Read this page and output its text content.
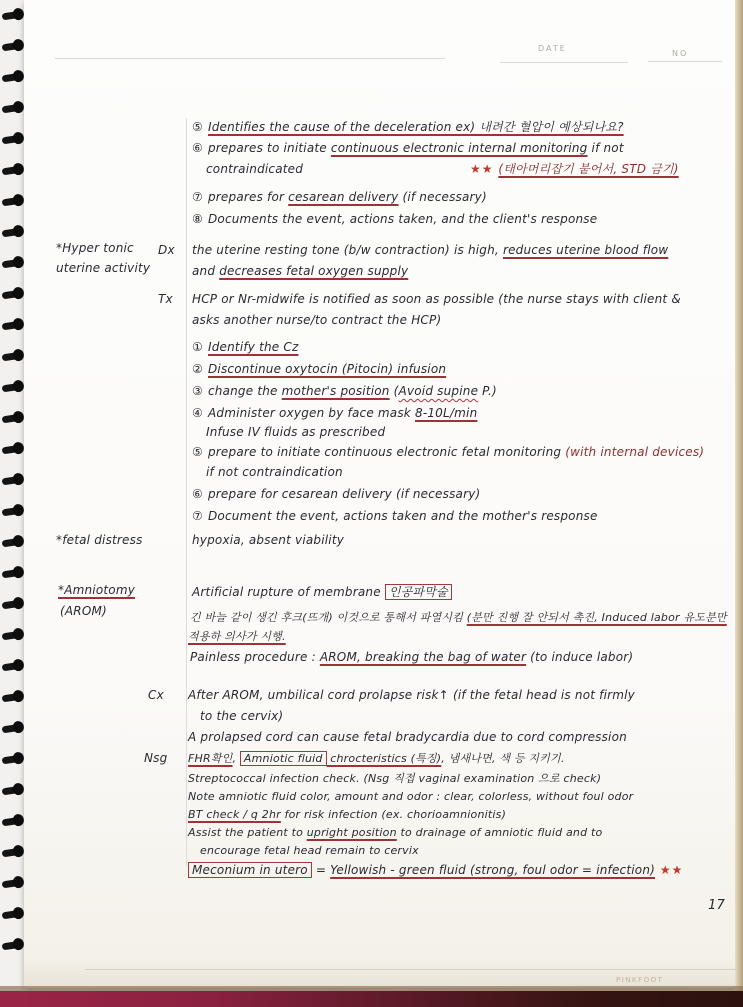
DATE
NO
⑤ Identifies the cause of the deceleration ex) 내려간 혈압이 예상되나요?
⑥ prepares to initiate continuous electronic internal monitoring if not
contraindicated	★★ (태아머리잡기 붙어서, STD 금기)
⑦ prepares for cesarean delivery (if necessary)
⑧ Documents the event, actions taken, and the client's response
*Hyper tonic
uterine activity
Dx the uterine resting tone (b/w contraction) is high, reduces uterine blood flow
and decreases fetal oxygen supply
Tx HCP or Nr-midwife is notified as soon as possible (the nurse stays with client &
asks another nurse/to contract the HCP)
① Identify the Cz
② Discontinue oxytocin (Pitocin) infusion
③ change the mother's position (Avoid supine P.)
④ Administer oxygen by face mask 8-10L/min
Infuse IV fluids as prescribed
⑤ prepare to initiate continuous electronic fetal monitoring (with internal devices)
if not contraindication
⑥ prepare for cesarean delivery (if necessary)
⑦ Document the event, actions taken and the mother's response
*fetal distress	hypoxia, absent viability
*Amniotomy
(AROM)
Artificial rupture of membrane 인공파막술
긴 바늘 같이 생긴 후크(뜨개) 이것으로 통해서 파열시킴 (분만 진행 잘 안되서 촉진, Induced labor 유도분만
적용하 의사가 시행.
Painless procedure : AROM, breaking the bag of water (to induce labor)
Cx After AROM, umbilical cord prolapse risk↑ (if the fetal head is not firmly
to the cervix)
A prolapsed cord can cause fetal bradycardia due to cord compression
Nsg FHR확인, Amniotic fluid chrocteristics (특징), 냄새나면, 색 등 지키기.
Streptococcal infection check. (Nsg 직접 vaginal examination 으로 check)
Note amniotic fluid color, amount and odor : clear, colorless, without foul odor
BT check / q 2hr for risk infection (ex. chorioamnionitis)
Assist the patient to upright position to drainage of amniotic fluid and to
encourage fetal head remain to cervix
Meconium in utero = Yellowish - green fluid (strong, foul odor = infection) ★★
PINKFOOT
17
